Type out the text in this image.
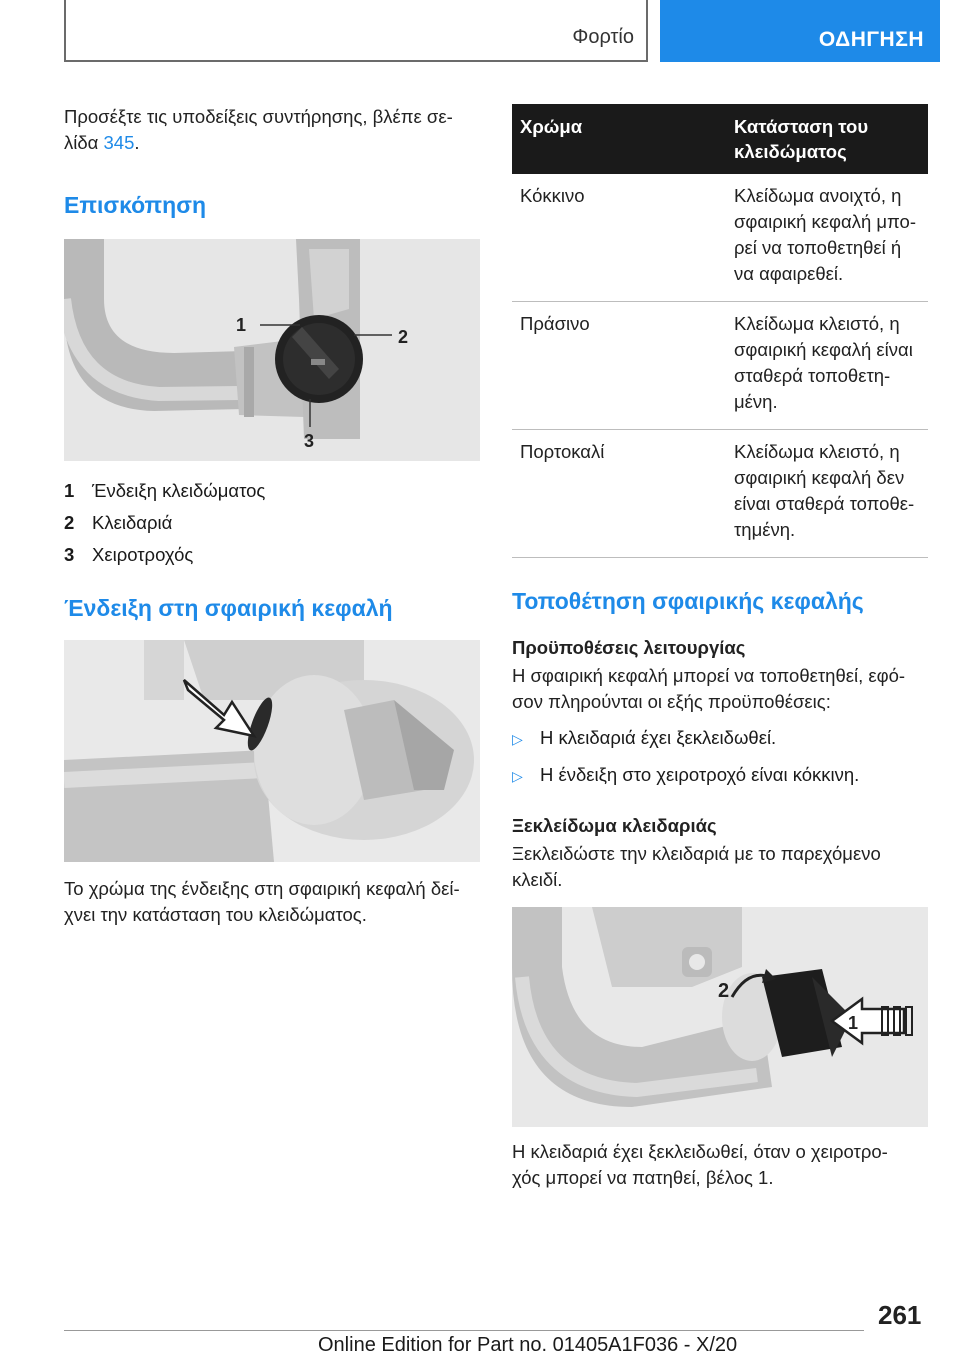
Φορτίο	ΟΔΗΓΗΣΗ

Προσέξτε τις υποδείξεις συντήρησης, βλέπε σε-
λίδα 345.

Επισκόπηση
1
2
3
1 Ένδειξη κλειδώματος
2 Κλειδαριά
3 Χειροτροχός
Ένδειξη στη σφαιρική κεφαλή

Το χρώμα της ένδειξης στη σφαιρική κεφαλή δεί-
χνει την κατάσταση του κλειδώματος.

Χρώμα	Κατάσταση του
κλειδώματος
Κόκκινο	Κλείδωμα ανοιχτό, η
σφαιρική κεφαλή μπο-
ρεί να τοποθετηθεί ή
να αφαιρεθεί.
Πράσινο	Κλείδωμα κλειστό, η
σφαιρική κεφαλή είναι
σταθερά τοποθετη-
μένη.
Πορτοκαλί	Κλείδωμα κλειστό, η
σφαιρική κεφαλή δεν
είναι σταθερά τοποθε-
τημένη.
Τοποθέτηση σφαιρικής κεφαλής
Προϋποθέσεις λειτουργίας

Η σφαιρική κεφαλή μπορεί να τοποθετηθεί, εφό-
σον πληρούνται οι εξής προϋποθέσεις:

▷ Η κλειδαριά έχει ξεκλειδωθεί.
▷ Η ένδειξη στο χειροτροχό είναι κόκκινη.
Ξεκλείδωμα κλειδαριάς

Ξεκλειδώστε την κλειδαριά με το παρεχόμενο
κλειδί.

2
1

Η κλειδαριά έχει ξεκλειδωθεί, όταν ο χειροτρο-
χός μπορεί να πατηθεί, βέλος 1.

261
Online Edition for Part no. 01405A1F036 - X/20
